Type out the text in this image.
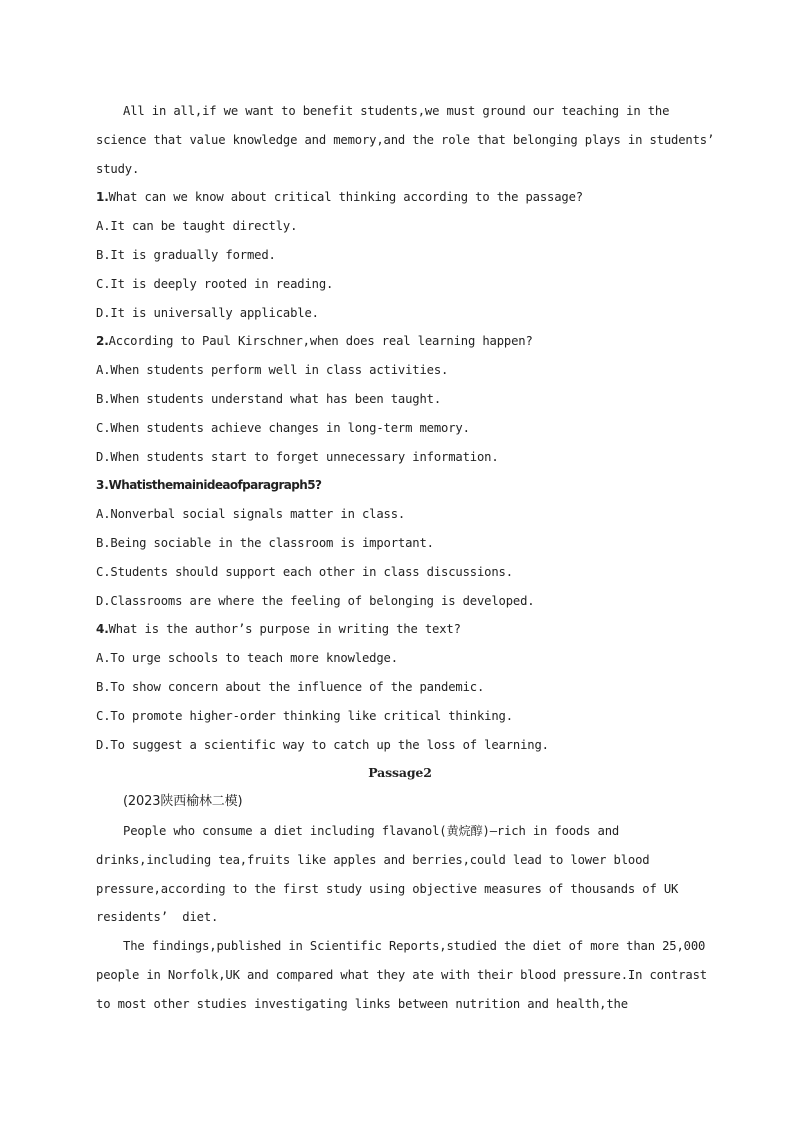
All in all,if we want to benefit students,we must ground our teaching in the
science that value knowledge and memory,and the role that belonging plays in students’
study.
1.What can we know about critical thinking according to the passage?
A.It can be taught directly.
B.It is gradually formed.
C.It is deeply rooted in reading.
D.It is universally applicable.
2.According to Paul Kirschner,when does real learning happen?
A.When students perform well in class activities.
B.When students understand what has been taught.
C.When students achieve changes in long-term memory.
D.When students start to forget unnecessary information.
3.Whatisthemainideaofparagraph5?
A.Nonverbal social signals matter in class.
B.Being sociable in the classroom is important.
C.Students should support each other in class discussions.
D.Classrooms are where the feeling of belonging is developed.
4.What is the author’s purpose in writing the text?
A.To urge schools to teach more knowledge.
B.To show concern about the influence of the pandemic.
C.To promote higher-order thinking like critical thinking.
D.To suggest a scientific way to catch up the loss of learning.
Passage2
(2023陕西榆林二模)
People who consume a diet including flavanol(黄烷醇)—rich in foods and
drinks,including tea,fruits like apples and berries,could lead to lower blood
pressure,according to the first study using objective measures of thousands of UK
residents’  diet.
The findings,published in Scientific Reports,studied the diet of more than 25,000
people in Norfolk,UK and compared what they ate with their blood pressure.In contrast
to most other studies investigating links between nutrition and health,the
